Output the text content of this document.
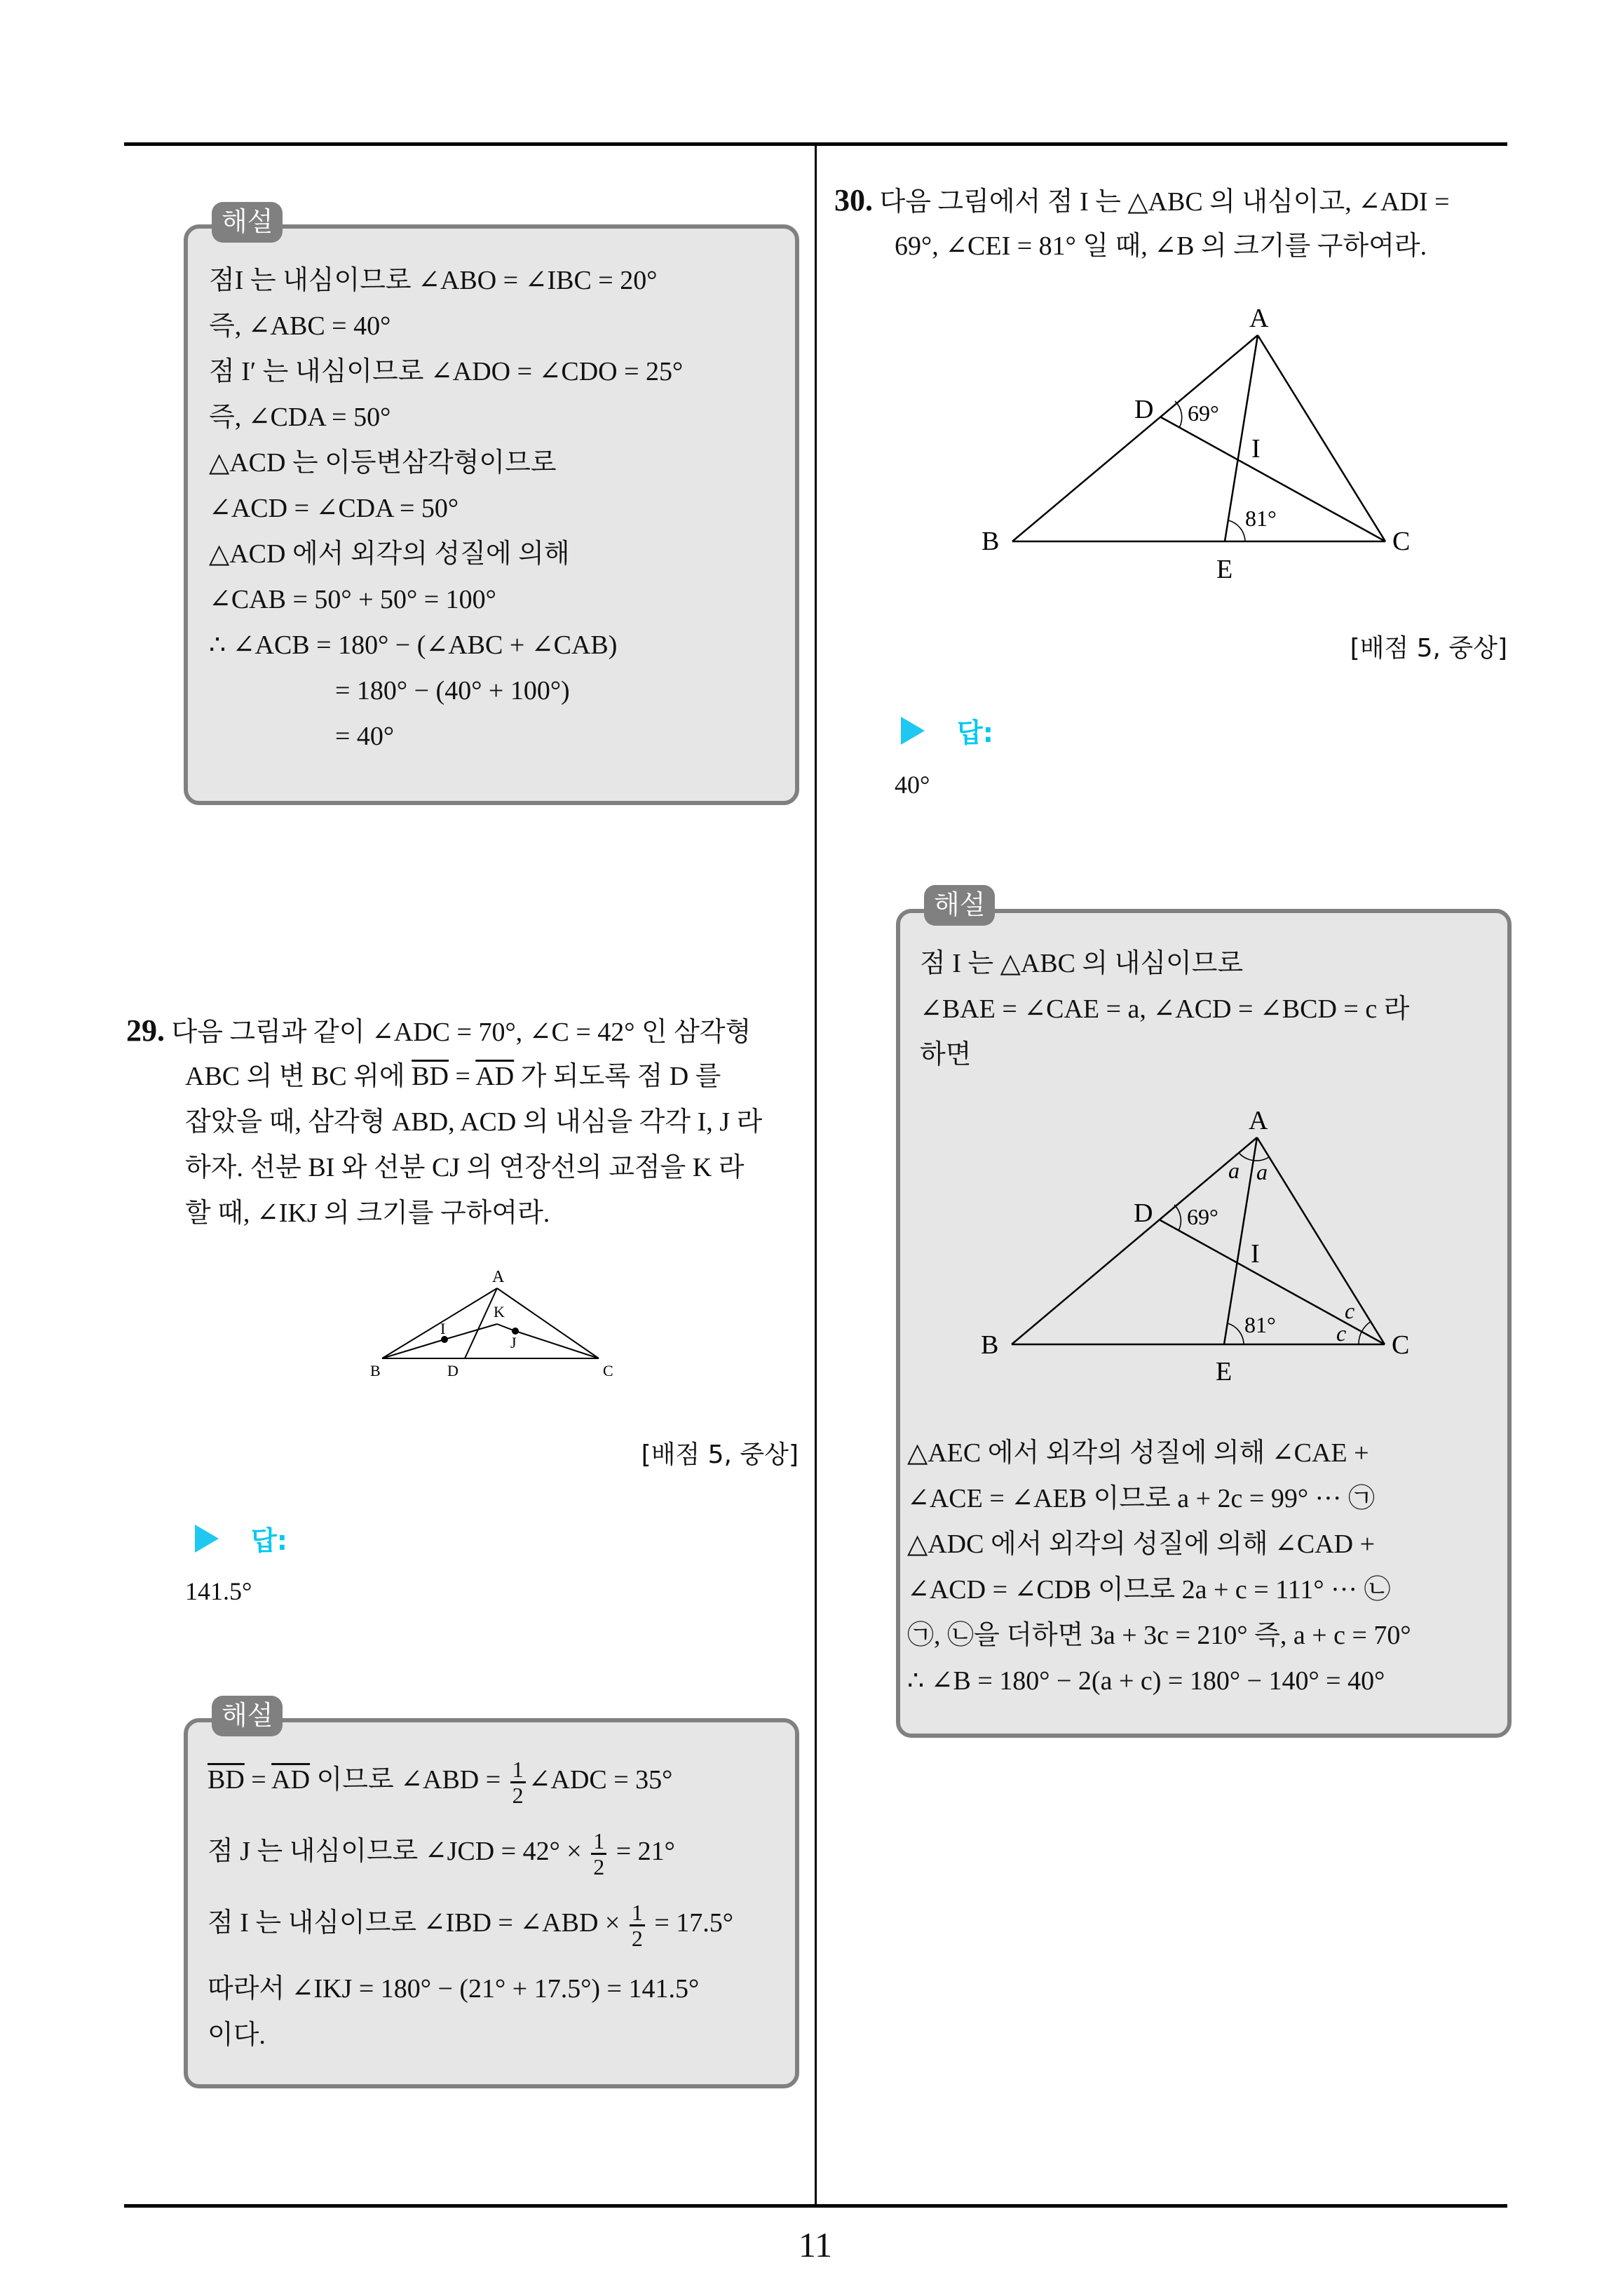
11
해설
점I 는 내심이므로 ∠ABO = ∠IBC = 20°
즉, ∠ABC = 40°
점 I′ 는 내심이므로 ∠ADO = ∠CDO = 25°
즉, ∠CDA = 50°
△ACD 는 이등변삼각형이므로
∠ACD = ∠CDA = 50°
△ACD 에서 외각의 성질에 의해
∠CAB = 50° + 50° = 100°
∴ ∠ACB = 180° − (∠ABC + ∠CAB)
= 180° − (40° + 100°)
= 40°
29. 다음 그림과 같이 ∠ADC = 70°, ∠C = 42° 인 삼각형
ABC 의 변 BC 위에 $\overline{BD} = \overline{AD}$ 가 되도록 점 D 를
잡았을 때, 삼각형 ABD, ACD 의 내심을 각각 I, J 라
하자. 선분 BI 와 선분 CJ 의 연장선의 교점을 K 라
할 때, ∠IKJ 의 크기를 구하여라.
A
K
I
J
B	D	C
[배점 5, 중상]
답:
141.5°
해설
$\overline{BD} = \overline{AD}$ 이므로 ∠ABD = $\frac{1}{2}$ ∠ADC = 35°
점 J 는 내심이므로 ∠JCD = $42^\circ \times \frac{1}{2} = 21^\circ$
점 I 는 내심이므로 ∠IBD = ∠ABD × $\frac{1}{2} = 17.5^\circ$
따라서 ∠IKJ = 180° − (21° + 17.5°) = 141.5°
이다.
30. 다음 그림에서 점 I 는 △ABC 의 내심이고, ∠ADI =
69°, ∠CEI = 81° 일 때, ∠B 의 크기를 구하여라.
A
D 69°
I
81°
B
E
C
[배점 5, 중상]
답:
40°
해설
점 I 는 △ABC 의 내심이므로
∠BAE = ∠CAE = a, ∠ACD = ∠BCD = c 라
하면
A
a a
D 69°
I
81°
c
c
B
E
C
△AEC 에서 외각의 성질에 의해 ∠CAE +
∠ACE = ∠AEB 이므로 a + 2c = 99° ··· ㉠
△ADC 에서 외각의 성질에 의해 ∠CAD +
∠ACD = ∠CDB 이므로 2a + c = 111° ··· ㉡
㉠, ㉡을 더하면 3a + 3c = 210° 즉, a + c = 70°
∴ ∠B = 180° − 2(a + c) = 180° − 140° = 40°
